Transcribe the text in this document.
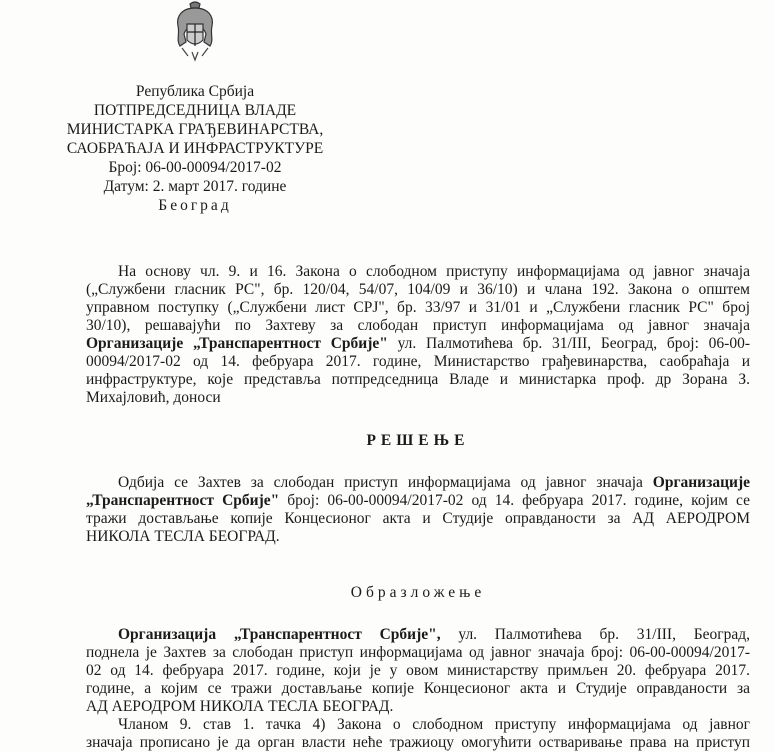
Република Србија
ПОТПРЕДСЕДНИЦА ВЛАДЕ
МИНИСТАРКА ГРАЂЕВИНАРСТВА,
САОБРАЋАЈА И ИНФРАСТРУКТУРЕ
Број: 06-00-00094/2017-02
Датум: 2. март 2017. године
Београд
На основу чл. 9. и 16. Закона о слободном приступу информацијама од јавног значаја
(„Службени гласник РС", бр. 120/04, 54/07, 104/09 и 36/10) и члана 192. Закона о општем
управном поступку („Службени лист СРЈ", бр. 33/97 и 31/01 и „Службени гласник РС" број
30/10), решавајући по Захтеву за слободан приступ информацијама од јавног значаја
Организације „Транспарентност Србије" ул. Палмотићева бр. 31/III, Београд, број: 06-00-
00094/2017-02 од 14. фебруара 2017. године, Министарство грађевинарства, саобраћаја и
инфраструктуре, које представља потпредседница Владе и министарка проф. др Зорана З.
Михајловић, доноси
РЕШЕЊЕ
Одбија се Захтев за слободан приступ информацијама од јавног значаја Организације
„Транспарентност Србије" број: 06-00-00094/2017-02 од 14. фебруара 2017. године, којим се
тражи достављање копије Концесионог акта и Студије оправданости за АД АЕРОДРОМ
НИКОЛА ТЕСЛА БЕОГРАД.
Образложење
Организација „Транспарентност Србије", ул. Палмотићева бр. 31/III, Београд,
поднела је Захтев за слободан приступ информацијама од јавног значаја број: 06-00-00094/2017-
02 од 14. фебруара 2017. године, који је у овом министарству примљен 20. фебруара 2017.
године, а којим се тражи достављање копије Концесионог акта и Студије оправданости за
АД АЕРОДРОМ НИКОЛА ТЕСЛА БЕОГРАД.
Чланом 9. став 1. тачка 4) Закона о слободном приступу информацијама од јавног
значаја прописано је да орган власти неће тражиоцу омогућити остваривање права на приступ
